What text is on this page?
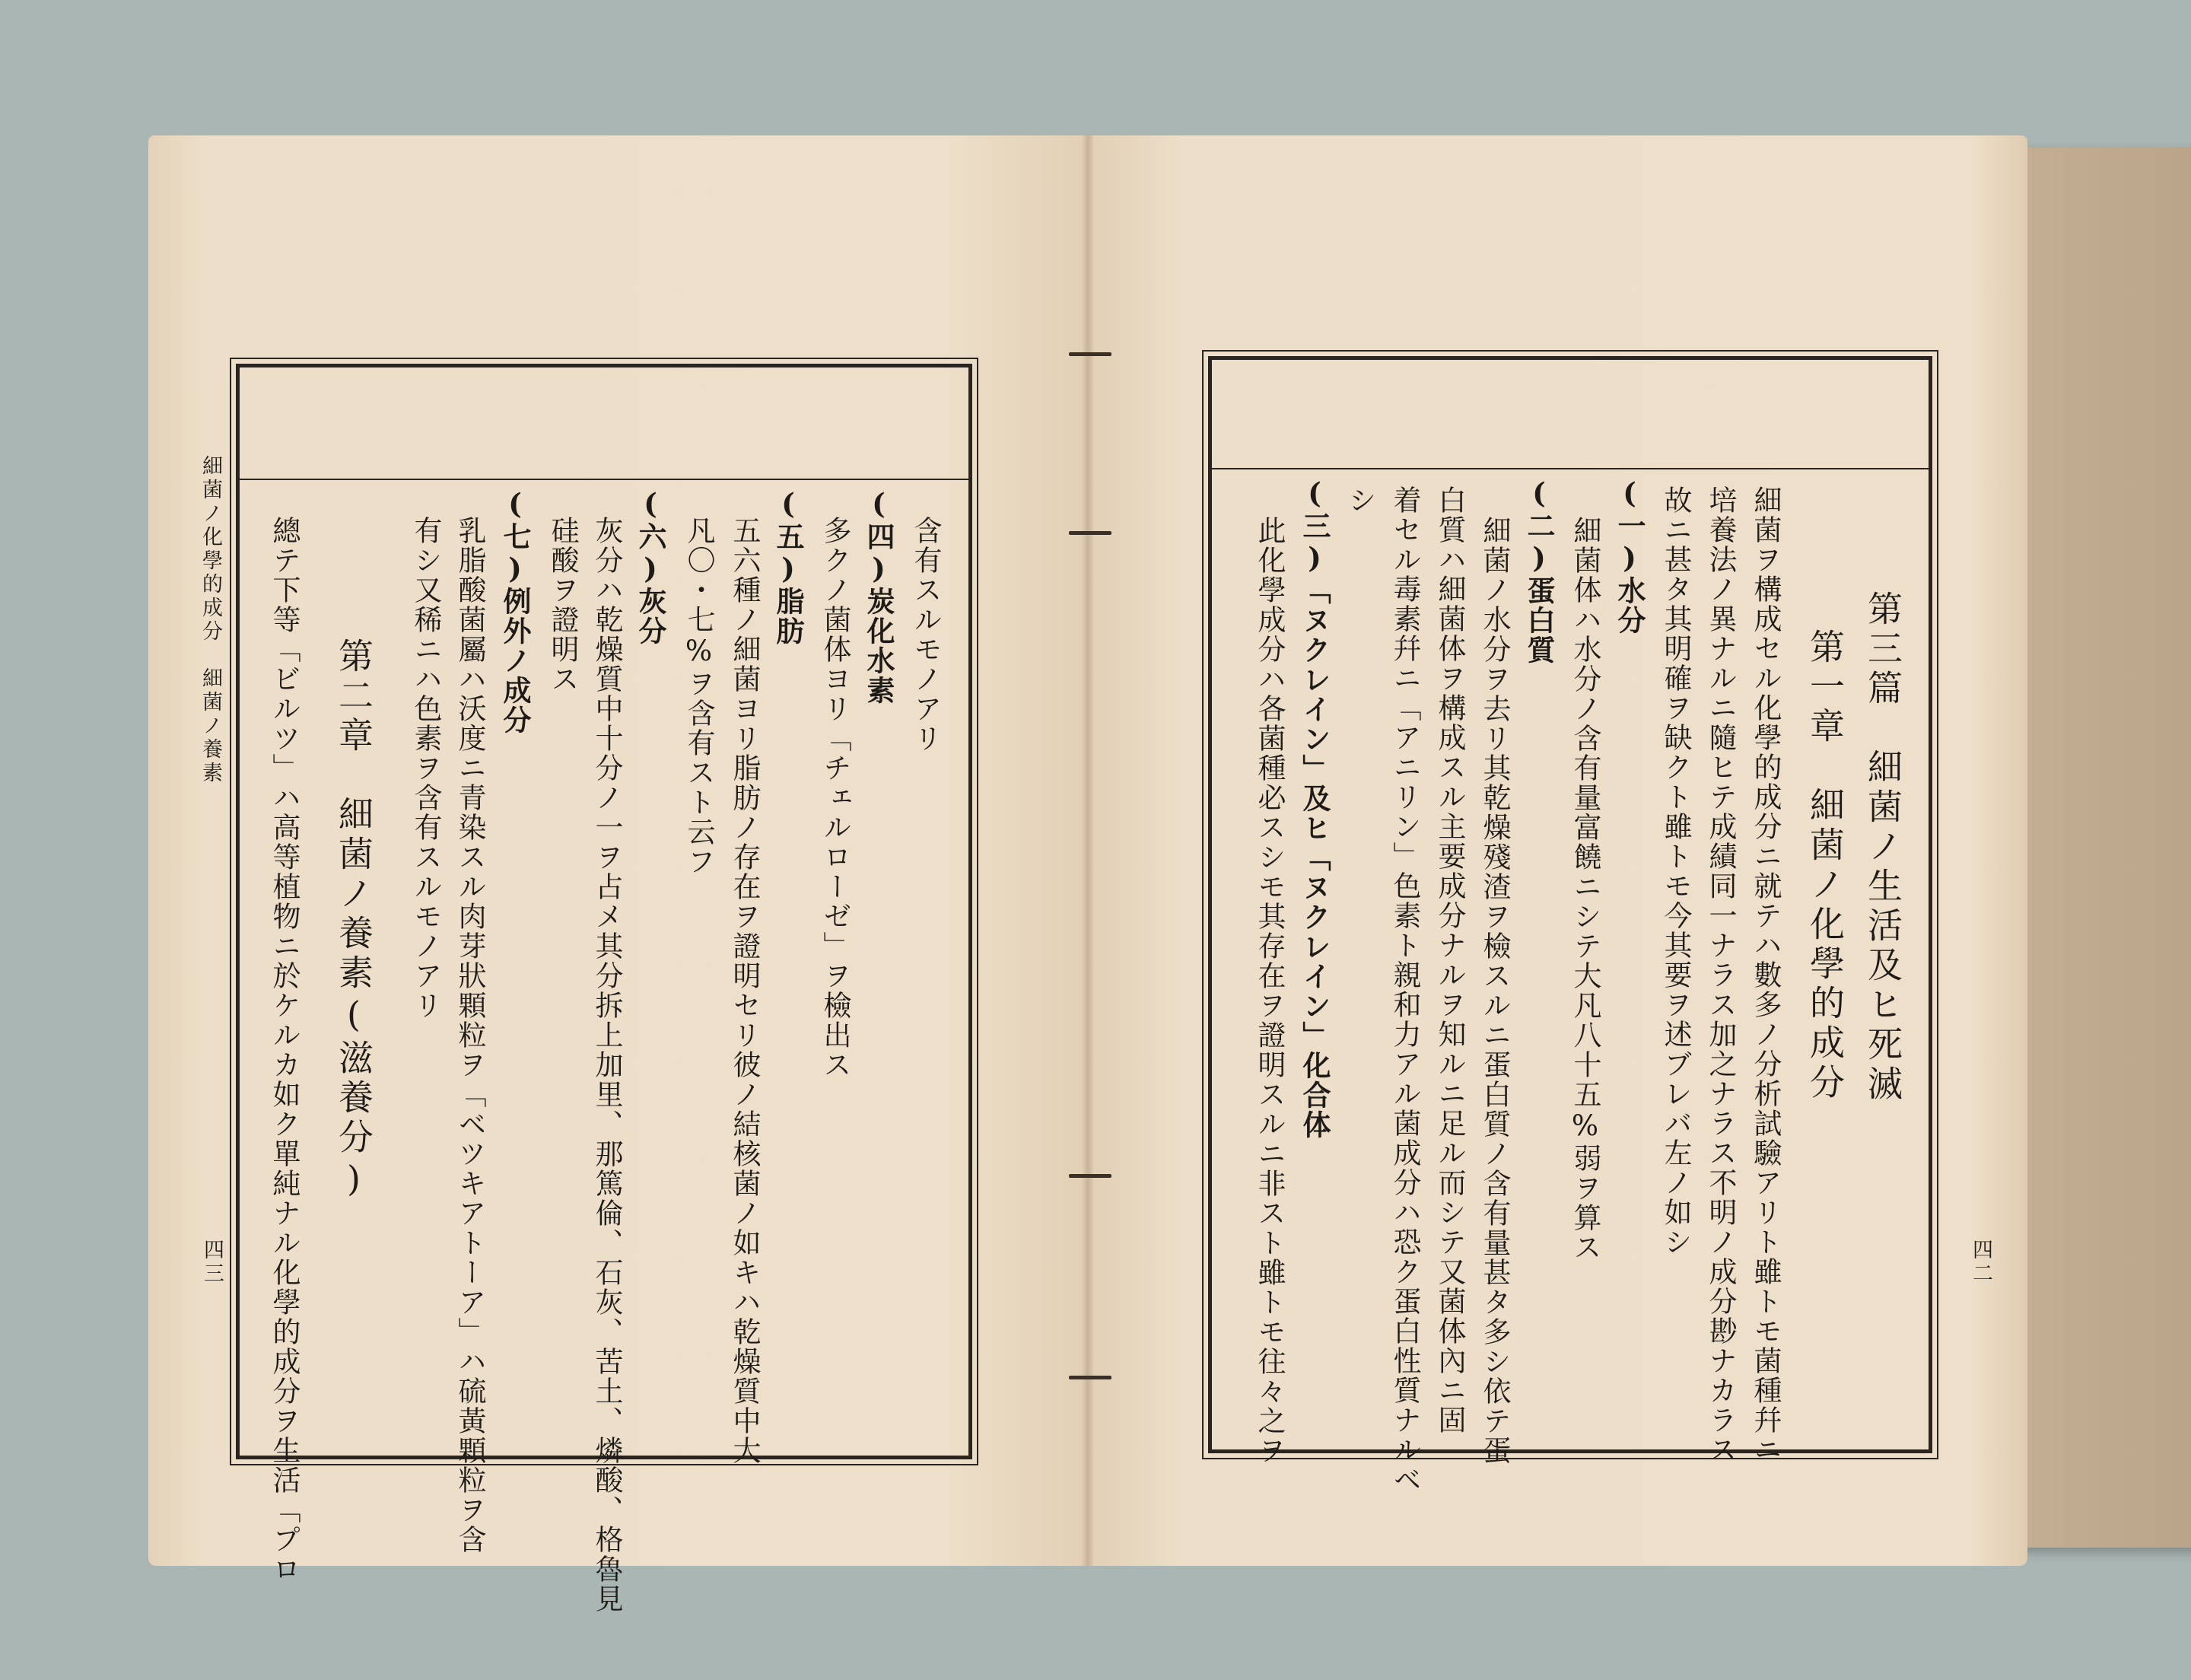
細菌ノ化學的成分　細菌ノ養素
四三
含有スルモノアリ
(四)炭化水素
多クノ菌体ヨリ「チェルローゼ」ヲ檢出ス
(五)脂肪
五六種ノ細菌ヨリ脂肪ノ存在ヲ證明セリ彼ノ結核菌ノ如キハ乾燥質中大
凡〇・七%ヲ含有スト云フ
(六)灰分
灰分ハ乾燥質中十分ノ一ヲ占メ其分拆上加里、那篤倫、石灰、苦土、燐酸、格魯見
硅酸ヲ證明ス
(七)例外ノ成分
乳脂酸菌屬ハ沃度ニ青染スル肉芽狀顆粒ヲ「ベツキアトーア」ハ硫黃顆粒ヲ含
有シ又稀ニハ色素ヲ含有スルモノアリ
第二章　細菌ノ養素(滋養分)
總テ下等「ビルツ」ハ高等植物ニ於ケルカ如ク單純ナル化學的成分ヲ生活「プロ	四二
第三篇　細菌ノ生活及ヒ死滅
第一章　細菌ノ化學的成分
細菌ヲ構成セル化學的成分ニ就テハ數多ノ分析試驗アリト雖トモ菌種幷ニ
培養法ノ異ナルニ隨ヒテ成績同一ナラス加之ナラス不明ノ成分尠ナカラス
故ニ甚タ其明確ヲ缺クト雖トモ今其要ヲ述ブレバ左ノ如シ
(一)水分
細菌体ハ水分ノ含有量富饒ニシテ大凡八十五%弱ヲ算ス
(二)蛋白質
細菌ノ水分ヲ去リ其乾燥殘渣ヲ檢スルニ蛋白質ノ含有量甚タ多シ依テ蛋
白質ハ細菌体ヲ構成スル主要成分ナルヲ知ルニ足ル而シテ又菌体內ニ固
着セル毒素幷ニ「アニリン」色素ト親和力アル菌成分ハ恐ク蛋白性質ナルベ
シ
(三)「ヌクレイン」及ヒ「ヌクレイン」化合体
此化學成分ハ各菌種必スシモ其存在ヲ證明スルニ非スト雖トモ往々之ヲ
